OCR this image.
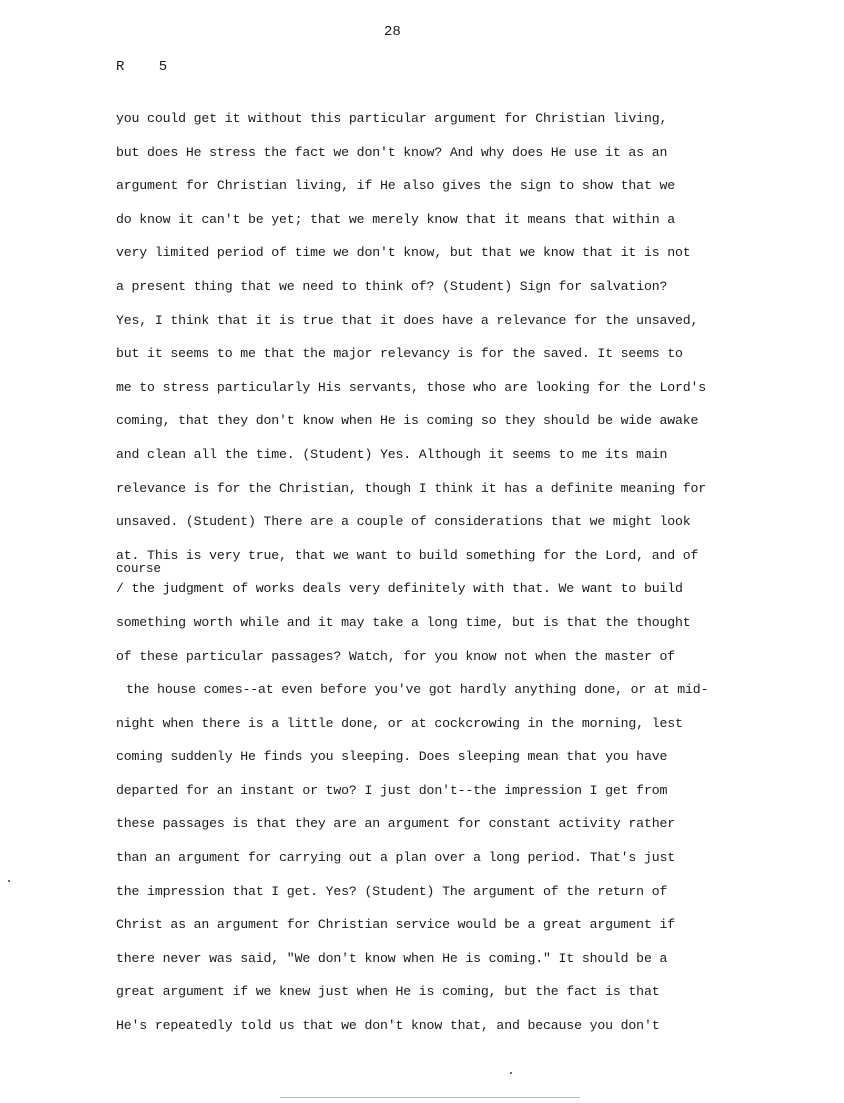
28
R 5
course
you could get it without this particular argument for Christian living,
but does He stress the fact we don't know? And why does He use it as an
argument for Christian living, if He also gives the sign to show that we
do know it can't be yet; that we merely know that it means that within a
very limited period of time we don't know, but that we know that it is not
a present thing that we need to think of? (Student) Sign for salvation?
Yes, I think that it is true that it does have a relevance for the unsaved,
but it seems to me that the major relevancy is for the saved. It seems to
me to stress particularly His servants, those who are looking for the Lord's
coming, that they don't know when He is coming so they should be wide awake
and clean all the time. (Student) Yes. Although it seems to me its main
relevance is for the Christian, though I think it has a definite meaning for
unsaved. (Student) There are a couple of considerations that we might look
at. This is very true, that we want to build something for the Lord, and of
/ the judgment of works deals very definitely with that. We want to build
something worth while and it may take a long time, but is that the thought
of these particular passages? Watch, for you know not when the master of
the house comes--at even before you've got hardly anything done, or at mid-
night when there is a little done, or at cockcrowing in the morning, lest
coming suddenly He finds you sleeping. Does sleeping mean that you have
departed for an instant or two? I just don't--the impression I get from
these passages is that they are an argument for constant activity rather
than an argument for carrying out a plan over a long period. That's just
the impression that I get. Yes? (Student) The argument of the return of
Christ as an argument for Christian service would be a great argument if
there never was said, "We don't know when He is coming." It should be a
great argument if we knew just when He is coming, but the fact is that
He's repeatedly told us that we don't know that, and because you don't
